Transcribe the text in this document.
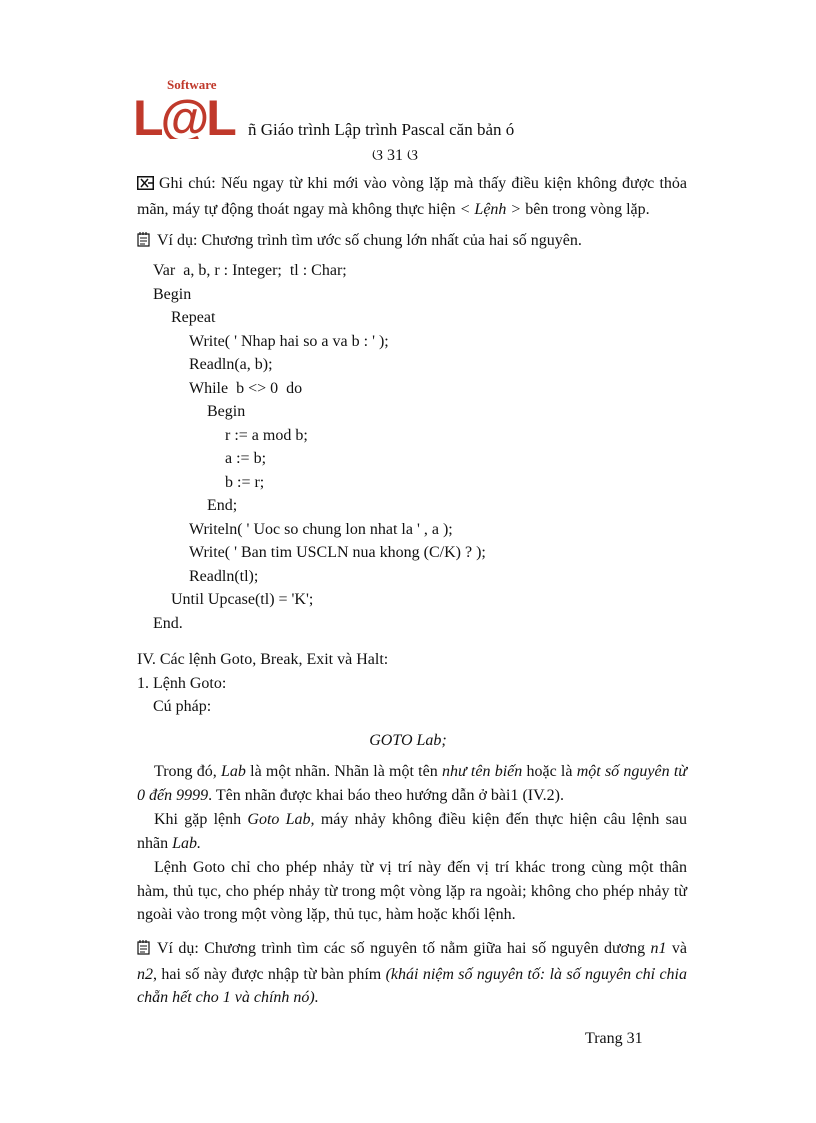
Software
L@L ñ Giáo trình Lập trình Pascal căn bản ó
ଓ 31 ଓ
Ghi chú: Nếu ngay từ khi mới vào vòng lặp mà thấy điều kiện không được thỏa mãn, máy tự động thoát ngay mà không thực hiện < Lệnh > bên trong vòng lặp.
Ví dụ: Chương trình tìm ước số chung lớn nhất của hai số nguyên.
Var  a, b, r : Integer;  tl : Char;
Begin
Repeat
Write( ' Nhap hai so a va b : ' );
Readln(a, b);
While  b <> 0  do
Begin
r := a mod b;
a := b;
b := r;
End;
Writeln( ' Uoc so chung lon nhat la ' , a );
Write( ' Ban tim USCLN nua khong (C/K) ? );
Readln(tl);
Until Upcase(tl) = 'K';
End.
IV. Các lệnh Goto, Break, Exit và Halt:
1. Lệnh Goto:
Cú pháp:
GOTO Lab;
Trong đó, Lab là một nhãn. Nhãn là một tên như tên biến hoặc là một số nguyên từ 0 đến 9999. Tên nhãn được khai báo theo hướng dẫn ở bài1 (IV.2).
Khi gặp lệnh Goto Lab, máy nhảy không điều kiện đến thực hiện câu lệnh sau nhãn Lab.
Lệnh Goto chỉ cho phép nhảy từ vị trí này đến vị trí khác trong cùng một thân hàm, thủ tục, cho phép nhảy từ trong một vòng lặp ra ngoài; không cho phép nhảy từ ngoài vào trong một vòng lặp, thủ tục, hàm hoặc khối lệnh.
Ví dụ: Chương trình tìm các số nguyên tố nằm giữa hai số nguyên dương n1 và n2, hai số này được nhập từ bàn phím (khái niệm số nguyên tố: là số nguyên chỉ chia chẵn hết cho 1 và chính nó).
Trang 31
